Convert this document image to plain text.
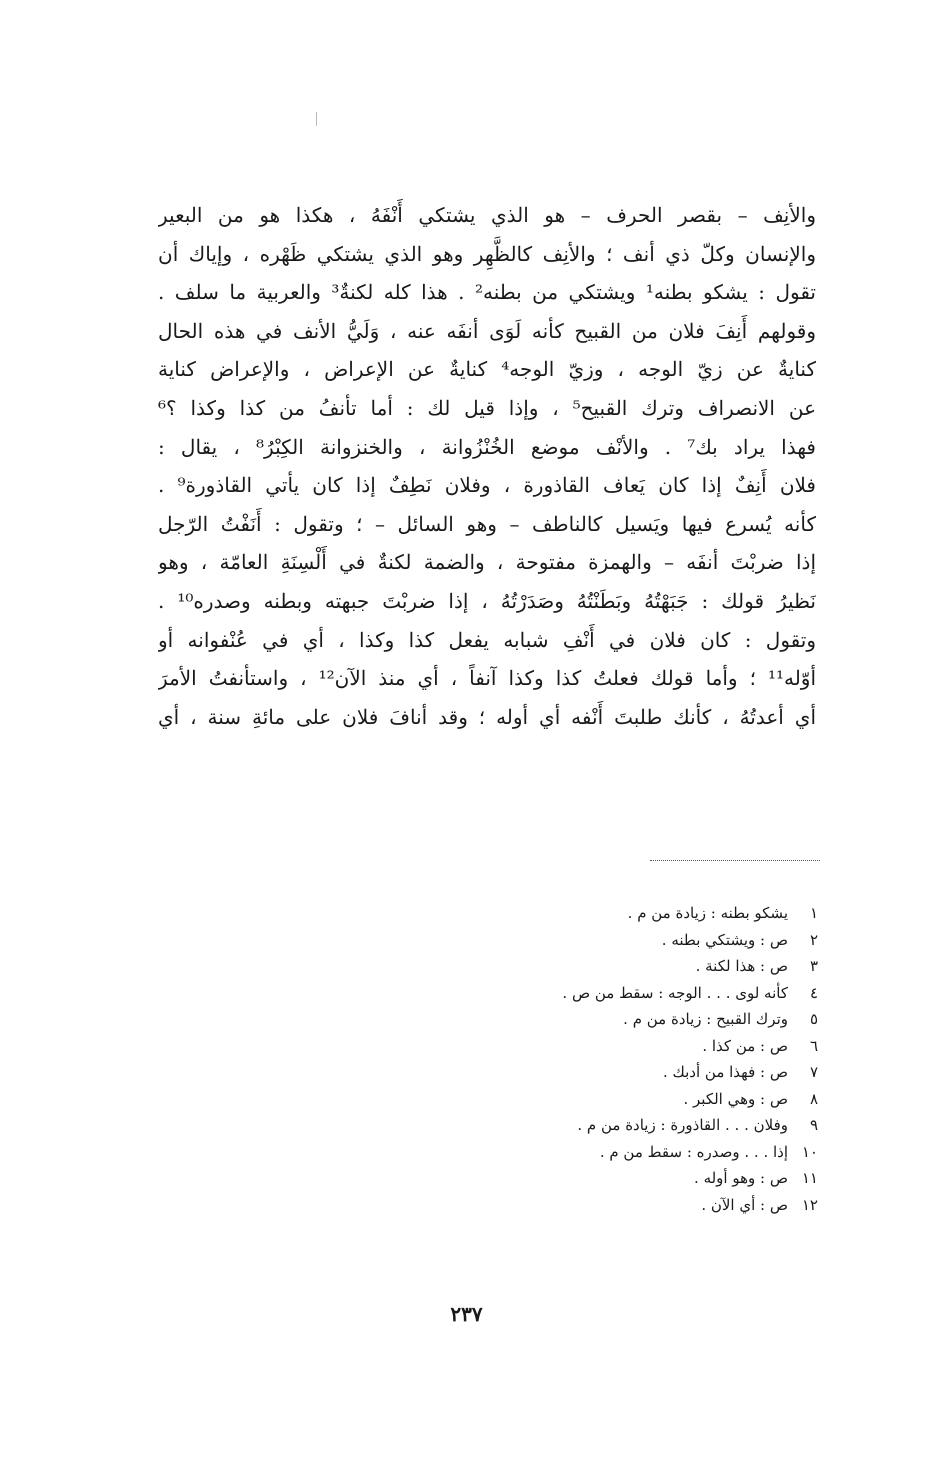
والأنِف – بقصر الحرف – هو الذي يشتكي أَنْفَهُ ، هكذا هو من البعير
والإنسان وكلّ ذي أنف ؛ والأنِف كالظَّهِر وهو الذي يشتكي ظَهْره ، وإياك أن
تقول : يشكو بطنه¹ ويشتكي من بطنه² . هذا كله لكنةٌ³ والعربية ما سلف .
وقولهم أَنِفَ فلان من القبيح كأنه لَوَى أنفَه عنه ، وَلَيُّ الأنف في هذه الحال
كنايةٌ عن زيّ الوجه ، وزيّ الوجه⁴ كنايةٌ عن الإعراض ، والإعراض كناية
عن الانصراف وترك القبيح⁵ ، وإذا قيل لك : أما تأنفُ من كذا وكذا ؟⁶
فهذا يراد بك⁷ . والأنْف موضع الخُنْزُوانة ، والخنزوانة الكِبْرُ⁸ ، يقال :
فلان أَنِفٌ إذا كان يَعاف القاذورة ، وفلان نَطِفٌ إذا كان يأتي القاذورة⁹ .
كأنه يُسرع فيها ويَسيل كالناطف – وهو السائل – ؛ وتقول : أَنَفْتُ الرّجل
إذا ضربْتَ أنفَه – والهمزة مفتوحة ، والضمة لكنةٌ في أَلْسِنَةِ العامّة ، وهو
نَظيرُ قولك : جَبَهْتُهُ وبَطَنْتُهُ وصَدَرْتُهُ ، إذا ضربْتَ جبهته وبطنه وصدره¹⁰ .
وتقول : كان فلان في أَنْفِ شبابه يفعل كذا وكذا ، أي في عُنْفوانه أو
أوّله¹¹ ؛ وأما قولك فعلتُ كذا وكذا آنفاً ، أي منذ الآن¹² ، واستأنفتُ الأمرَ
أي أعدتُهُ ، كأنك طلبتَ أَنْفه أي أوله ؛ وقد أنافَ فلان على مائةِ سنة ، أي
١
يشكو بطنه : زيادة من م .
٢
ص : ويشتكي بطنه .
٣
ص : هذا لكنة .
٤
كأنه لوى . . . الوجه : سقط من ص .
٥
وترك القبيح : زيادة من م .
٦
ص : من كذا .
٧
ص : فهذا من أدبك .
٨
ص : وهي الكبر .
٩
وفلان . . . القاذورة : زيادة من م .
١٠
إذا . . . وصدره : سقط من م .
١١
ص : وهو أوله .
١٢
ص : أي الآن .
٢٣٧
